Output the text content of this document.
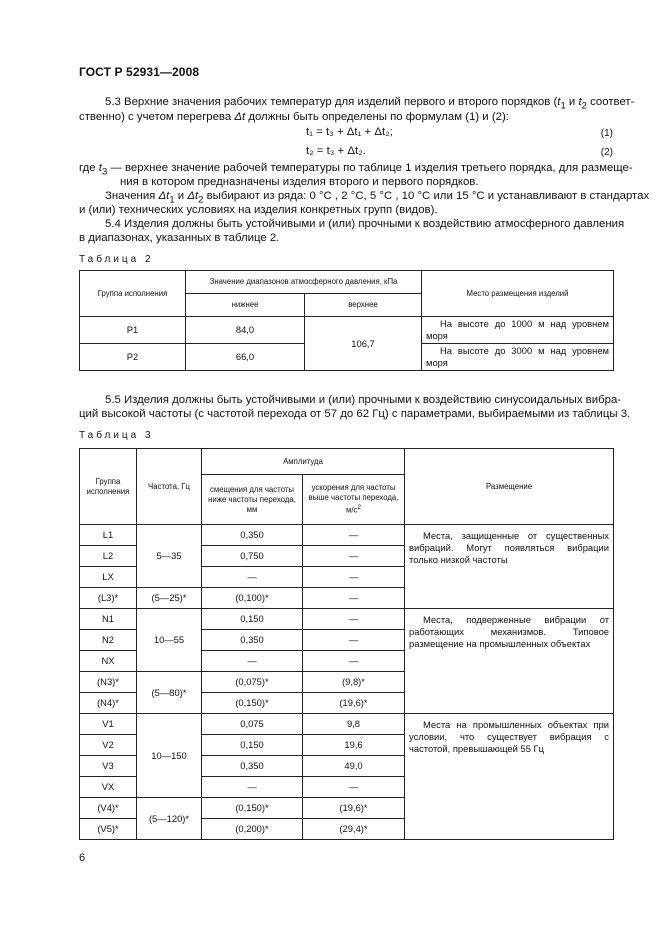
ГОСТ Р 52931—2008
5.3 Верхние значения рабочих температур для изделий первого и второго порядков ($t_1$ и $t_2$ соответ-
ственно) с учетом перегрева Δt должны быть определены по формулам (1) и (2):
t₁ = t₃ + Δt₁ + Δt₂;	(1)
t₂ = t₃ + Δt₂.	(2)
где $t_3$ — верхнее значение рабочей температуры по таблице 1 изделия третьего порядка, для размеще-
ния в котором предназначены изделия второго и первого порядков.
Значения $\Delta t_1$ и $\Delta t_2$ выбирают из ряда: 0 °С , 2 °С, 5 °С , 10 °С или 15 °С и устанавливают в стандартах
и (или) технических условиях на изделия конкретных групп (видов).
5.4 Изделия должны быть устойчивыми и (или) прочными к воздействию атмосферного давления
в диапазонах, указанных в таблице 2.
Таблица 2
Группа исполнения	Значение диапазонов атмосферного давления, кПа		Место размещения изделий
	нижнее	верхнее	
Р1	84,0	106,7	На высоте до 1000 м над уровнем моря
Р2	66,0		На высоте до 3000 м над уровнем моря
5.5 Изделия должны быть устойчивыми и (или) прочными к воздействию синусоидальных вибра-
ций высокой частоты (с частотой перехода от 57 до 62 Гц) с параметрами, выбираемыми из таблицы 3.
Таблица 3
Группа исполнения	Частота, Гц	Амплитуда		Размещение
		смещения для частоты ниже частоты перехода, мм	ускорения для частоты выше частоты перехода, $м/с^2$
L1	5—35	0,350	—	Места, защищенные от существенных вибраций. Могут появляться вибрации только низкой частоты
L2		0,750	—	
LX		—	—	
(L3)*	(5—25)*	(0,100)*	—	
N1	10—55	0,150	—	Места, подверженные вибрации от работающих механизмов. Типовое размещение на промышленных объектах
N2		0,350	—	
NX		—	—	
(N3)*	(5—80)*	(0,075)*	(9,8)*	
(N4)*		(0,150)*	(19,6)*	
V1	10—150	0,075	9,8	Места на промышленных объектах при условии, что существует вибрация с частотой, превышающей 55 Гц
V2		0,150	19,6	
V3		0,350	49,0	
VX		—	—	
(V4)*	(5—120)*	(0,150)*	(19,6)*	
(V5)*		(0,200)*	(29,4)*	
6
